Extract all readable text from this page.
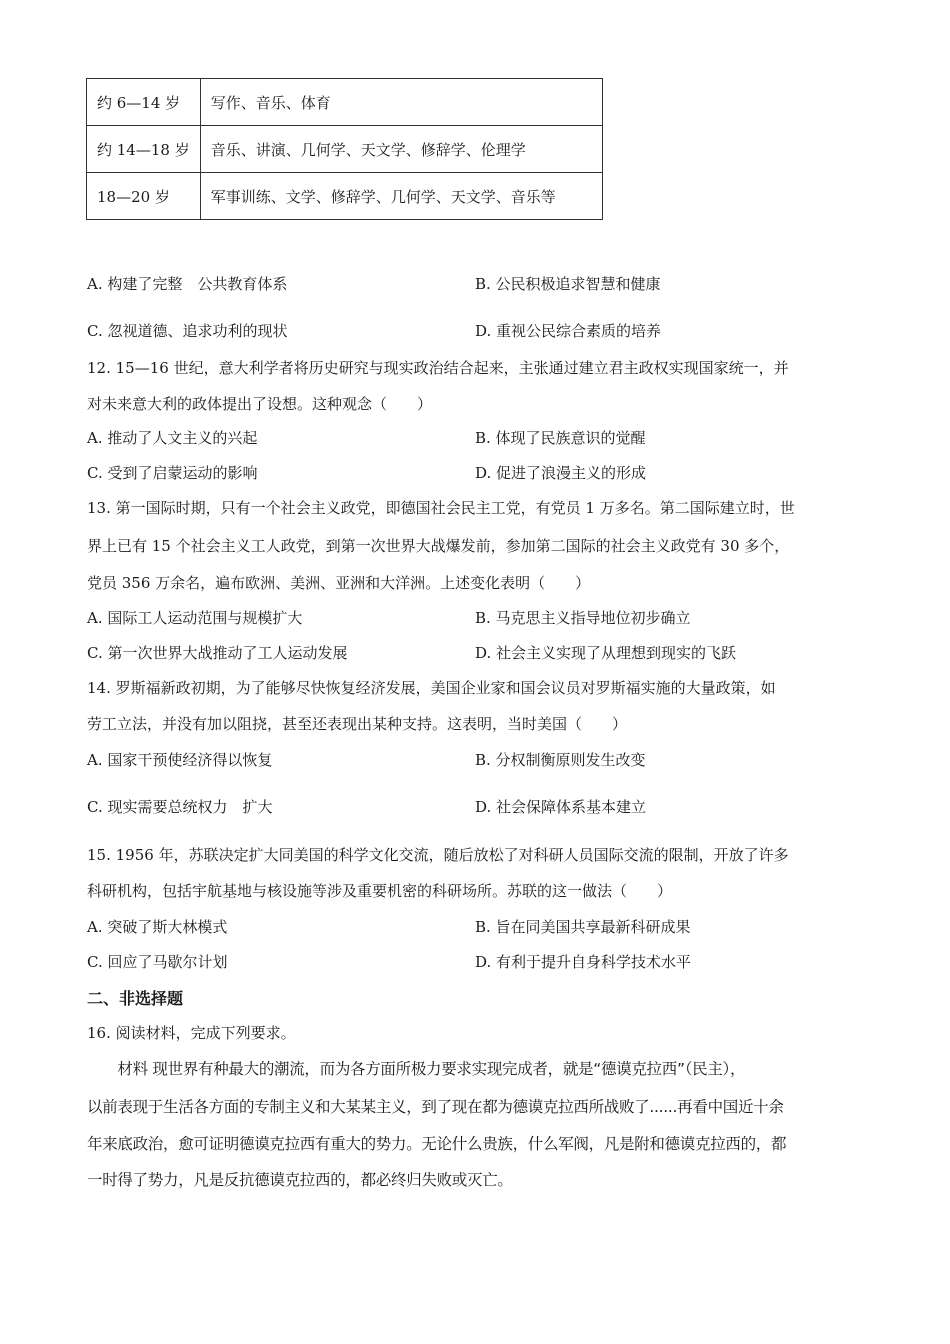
约 6—14 岁	写作、音乐、体育
约 14—18 岁	音乐、讲演、几何学、天文学、修辞学、伦理学
18—20 岁	军事训练、文学、修辞学、几何学、天文学、音乐等
A. 构建了完整　公共教育体系	B. 公民积极追求智慧和健康
C. 忽视道德、追求功利的现状	D. 重视公民综合素质的培养
12. 15—16 世纪，意大利学者将历史研究与现实政治结合起来，主张通过建立君主政权实现国家统一，并
对未来意大利的政体提出了设想。这种观念（　　）
A. 推动了人文主义的兴起	B. 体现了民族意识的觉醒
C. 受到了启蒙运动的影响	D. 促进了浪漫主义的形成
13. 第一国际时期，只有一个社会主义政党，即德国社会民主工党，有党员 1 万多名。第二国际建立时，世
界上已有 15 个社会主义工人政党，到第一次世界大战爆发前，参加第二国际的社会主义政党有 30 多个，
党员 356 万余名，遍布欧洲、美洲、亚洲和大洋洲。上述变化表明（　　）
A. 国际工人运动范围与规模扩大	B. 马克思主义指导地位初步确立
C. 第一次世界大战推动了工人运动发展	D. 社会主义实现了从理想到现实的飞跃
14. 罗斯福新政初期，为了能够尽快恢复经济发展，美国企业家和国会议员对罗斯福实施的大量政策，如
劳工立法，并没有加以阻挠，甚至还表现出某种支持。这表明，当时美国（　　）
A. 国家干预使经济得以恢复	B. 分权制衡原则发生改变
C. 现实需要总统权力　扩大	D. 社会保障体系基本建立
15. 1956 年，苏联决定扩大同美国的科学文化交流，随后放松了对科研人员国际交流的限制，开放了许多
科研机构，包括宇航基地与核设施等涉及重要机密的科研场所。苏联的这一做法（　　）
A. 突破了斯大林模式	B. 旨在同美国共享最新科研成果
C. 回应了马歇尔计划	D. 有利于提升自身科学技术水平
二、非选择题
16. 阅读材料，完成下列要求。
　　材料 现世界有种最大的潮流，而为各方面所极力要求实现完成者，就是“德谟克拉西”（民主），
以前表现于生活各方面的专制主义和大某某主义，到了现在都为德谟克拉西所战败了......再看中国近十余
年来底政治，愈可证明德谟克拉西有重大的势力。无论什么贵族，什么军阀，凡是附和德谟克拉西的，都
一时得了势力，凡是反抗德谟克拉西的，都必终归失败或灭亡。
